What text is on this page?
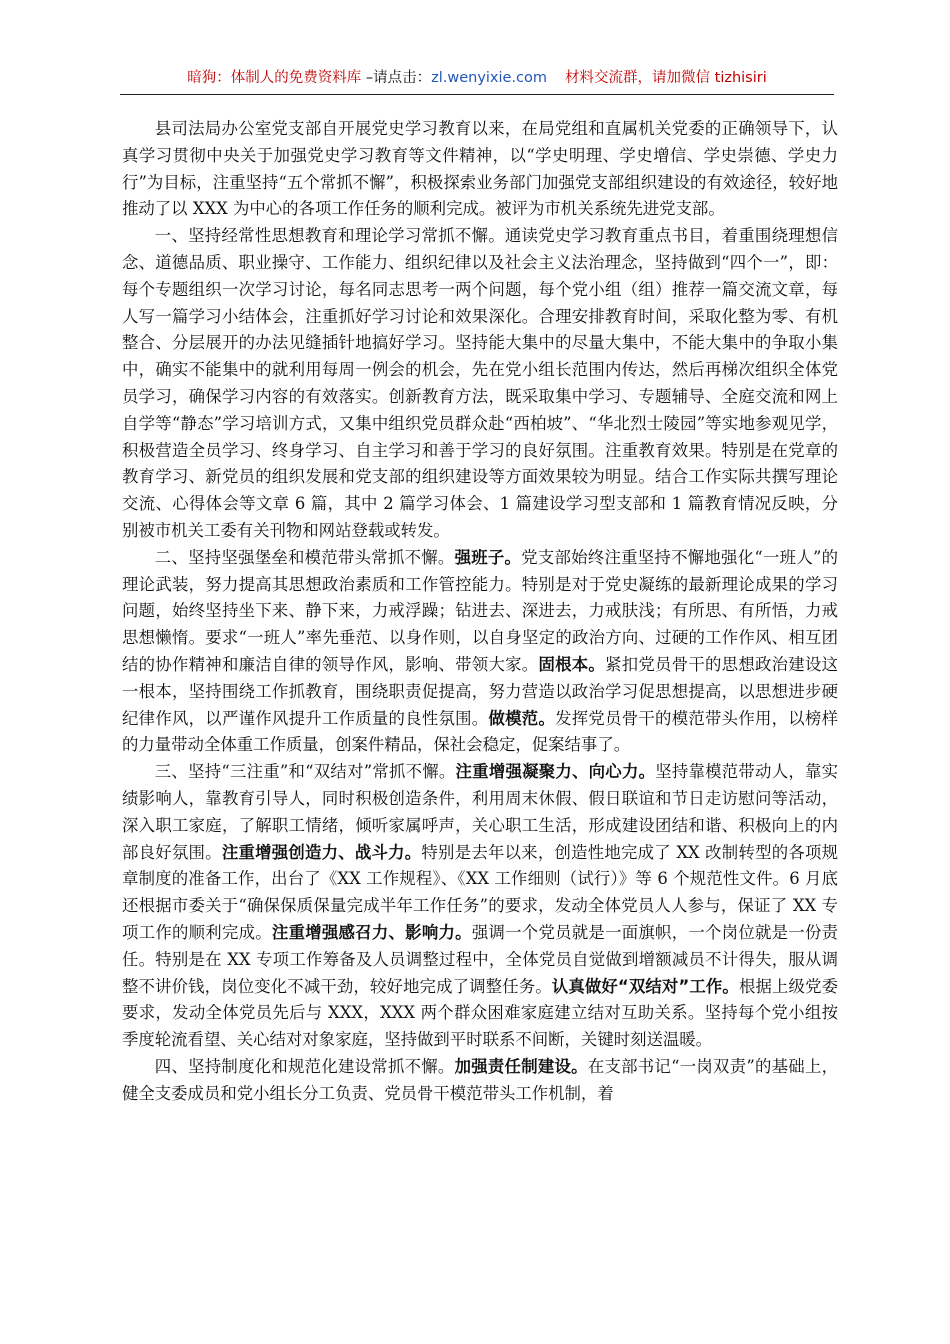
暗狗：体制人的免费资料库 –请点击：zl.wenyixie.com 材料交流群，请加微信 tizhisiri

县司法局办公室党支部自开展党史学习教育以来，在局党组和直属机关党委的正确领导下，认真学习贯彻中央关于加强党史学习教育等文件精神，以“学史明理、学史增信、学史崇德、学史力行”为目标，注重坚持“五个常抓不懈”，积极探索业务部门加强党支部组织建设的有效途径，较好地推动了以 XXX 为中心的各项工作任务的顺利完成。被评为市机关系统先进党支部。

一、坚持经常性思想教育和理论学习常抓不懈。通读党史学习教育重点书目，着重围绕理想信念、道德品质、职业操守、工作能力、组织纪律以及社会主义法治理念，坚持做到“四个一”，即：每个专题组织一次学习讨论，每名同志思考一两个问题，每个党小组（组）推荐一篇交流文章，每人写一篇学习小结体会，注重抓好学习讨论和效果深化。合理安排教育时间，采取化整为零、有机整合、分层展开的办法见缝插针地搞好学习。坚持能大集中的尽量大集中，不能大集中的争取小集中，确实不能集中的就利用每周一例会的机会，先在党小组长范围内传达，然后再梯次组织全体党员学习，确保学习内容的有效落实。创新教育方法，既采取集中学习、专题辅导、全庭交流和网上自学等“静态”学习培训方式，又集中组织党员群众赴“西柏坡”、“华北烈士陵园”等实地参观见学，积极营造全员学习、终身学习、自主学习和善于学习的良好氛围。注重教育效果。特别是在党章的教育学习、新党员的组织发展和党支部的组织建设等方面效果较为明显。结合工作实际共撰写理论交流、心得体会等文章 6 篇，其中 2 篇学习体会、1 篇建设学习型支部和 1 篇教育情况反映，分别被市机关工委有关刊物和网站登载或转发。

二、坚持坚强堡垒和模范带头常抓不懈。强班子。党支部始终注重坚持不懈地强化“一班人”的理论武装，努力提高其思想政治素质和工作管控能力。特别是对于党史凝练的最新理论成果的学习问题，始终坚持坐下来、静下来，力戒浮躁；钻进去、深进去，力戒肤浅；有所思、有所悟，力戒思想懒惰。要求“一班人”率先垂范、以身作则，以自身坚定的政治方向、过硬的工作作风、相互团结的协作精神和廉洁自律的领导作风，影响、带领大家。固根本。紧扣党员骨干的思想政治建设这一根本，坚持围绕工作抓教育，围绕职责促提高，努力营造以政治学习促思想提高，以思想进步硬纪律作风，以严谨作风提升工作质量的良性氛围。做模范。发挥党员骨干的模范带头作用，以榜样的力量带动全体重工作质量，创案件精品，保社会稳定，促案结事了。

三、坚持“三注重”和“双结对”常抓不懈。注重增强凝聚力、向心力。坚持靠模范带动人，靠实绩影响人，靠教育引导人，同时积极创造条件，利用周末休假、假日联谊和节日走访慰问等活动，深入职工家庭，了解职工情绪，倾听家属呼声，关心职工生活，形成建设团结和谐、积极向上的内部良好氛围。注重增强创造力、战斗力。特别是去年以来，创造性地完成了 XX 改制转型的各项规章制度的准备工作，出台了《XX 工作规程》、《XX 工作细则（试行）》等 6 个规范性文件。6 月底还根据市委关于“确保保质保量完成半年工作任务”的要求，发动全体党员人人参与，保证了 XX 专项工作的顺利完成。注重增强感召力、影响力。强调一个党员就是一面旗帜，一个岗位就是一份责任。特别是在 XX 专项工作筹备及人员调整过程中，全体党员自觉做到增额减员不计得失，服从调整不讲价钱，岗位变化不减干劲，较好地完成了调整任务。认真做好“双结对”工作。根据上级党委要求，发动全体党员先后与 XXX，XXX 两个群众困难家庭建立结对互助关系。坚持每个党小组按季度轮流看望、关心结对对象家庭，坚持做到平时联系不间断，关键时刻送温暖。

四、坚持制度化和规范化建设常抓不懈。加强责任制建设。在支部书记“一岗双责”的基础上，健全支委成员和党小组长分工负责、党员骨干模范带头工作机制，着
